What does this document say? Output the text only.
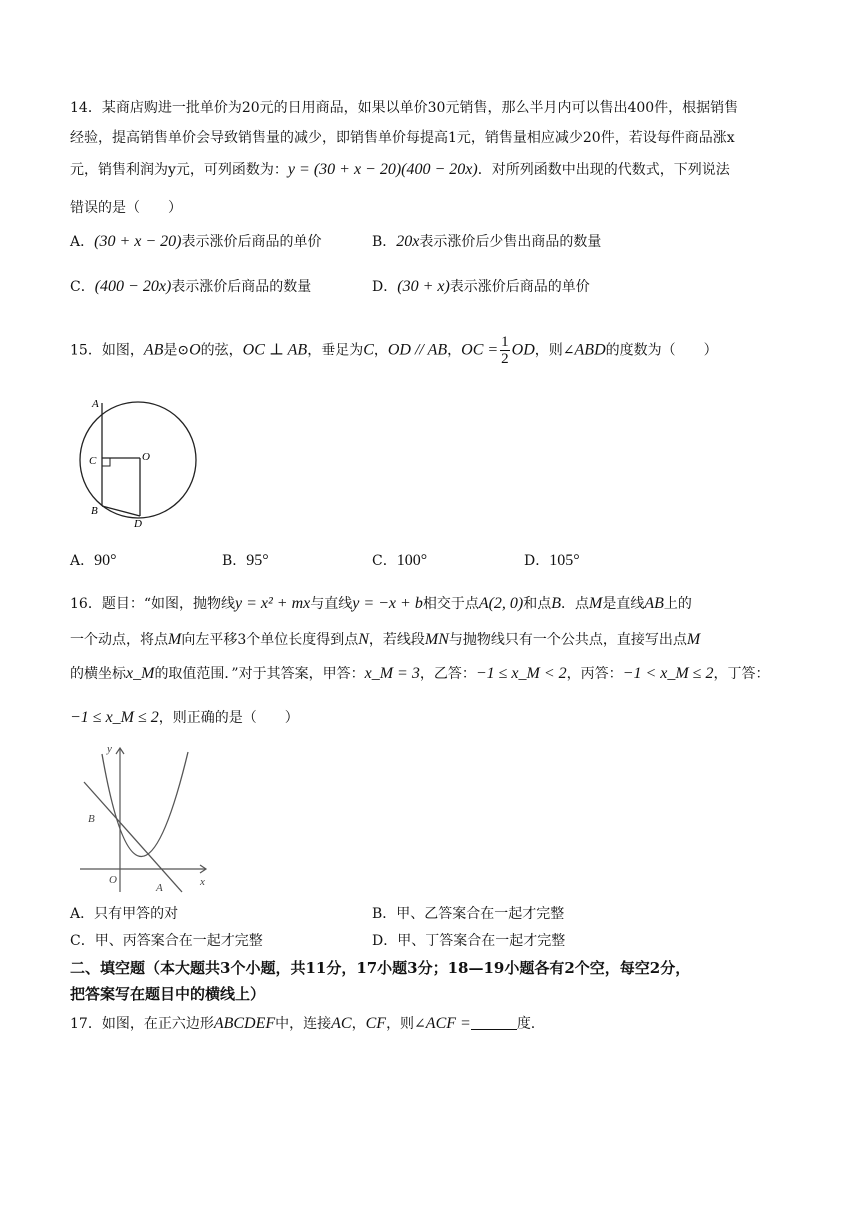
14．某商店购进一批单价为20元的日用商品，如果以单价30元销售，那么半月内可以售出400件，根据销售
经验，提高销售单价会导致销售量的减少，即销售单价每提高1元，销售量相应减少20件，若设每件商品涨x
元，销售利润为y元，可列函数为：y = (30 + x − 20)(400 − 20x)．对所列函数中出现的代数式，下列说法
错误的是（　　）
A．(30 + x − 20)表示涨价后商品的单价	B．20x表示涨价后少售出商品的数量
C．(400 − 20x)表示涨价后商品的数量	D．(30 + x)表示涨价后商品的单价
15．如图，AB是⊙O的弦，OC ⊥ AB，垂足为C，OD // AB，OC = $\frac{1}{2}$ OD，则∠ABD的度数为（　　）
A
C	O
B
D
A．90°	B．95°	C．100°	D．105°
16．题目：“如图，抛物线y = x² + mx与直线y = −x + b相交于点A(2, 0)和点B．点M是直线AB上的
一个动点，将点M向左平移3个单位长度得到点N，若线段MN与抛物线只有一个公共点，直接写出点M
的横坐标x_M的取值范围．”对于其答案，甲答：x_M = 3，乙答：−1 ≤ x_M < 2，丙答：−1 < x_M ≤ 2，丁答：
−1 ≤ x_M ≤ 2，则正确的是（　　）
y
x
B
O
A
A．只有甲答的对	B．甲、乙答案合在一起才完整
C．甲、丙答案合在一起才完整	D．甲、丁答案合在一起才完整
二、填空题（本大题共3个小题，共11分，17小题3分；18—19小题各有2个空，每空2分，
把答案写在题目中的横线上）
17．如图，在正六边形ABCDEF中，连接AC，CF，则∠ACF =	度.
